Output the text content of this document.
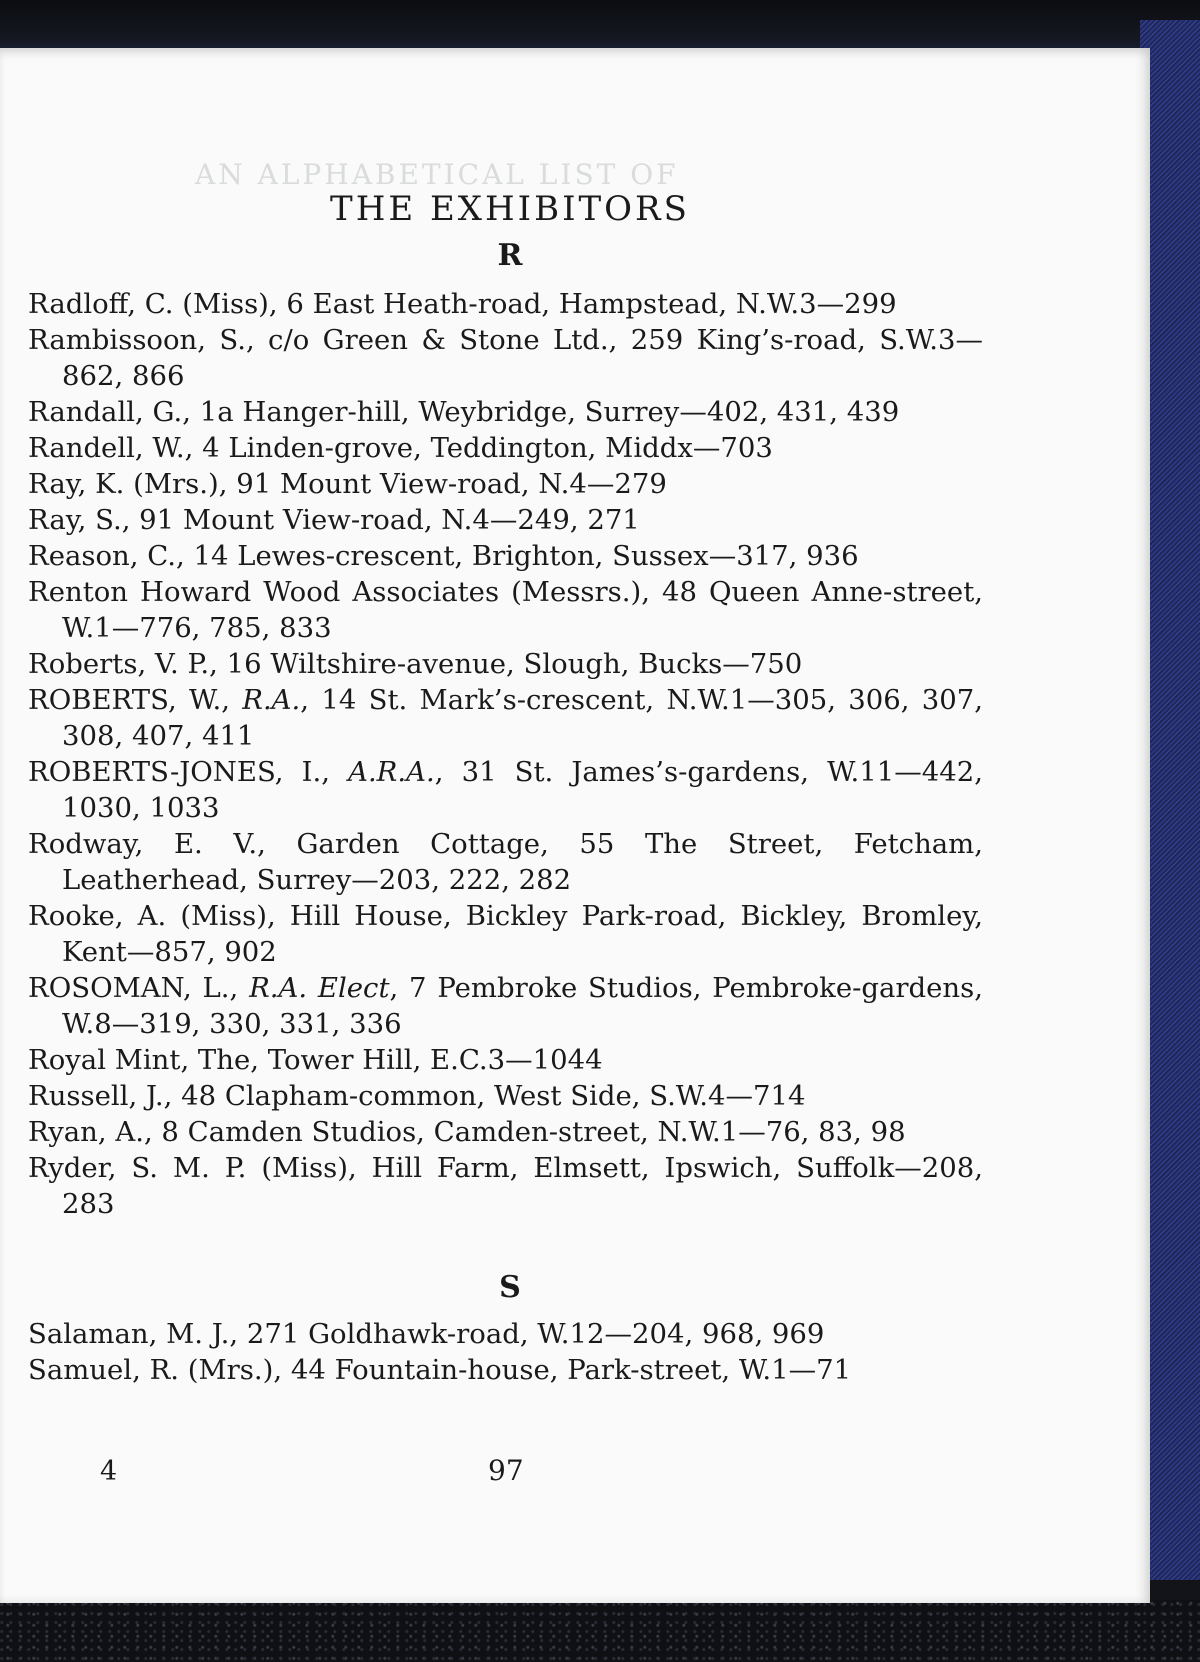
AN ALPHABETICAL LIST OF
THE EXHIBITORS
R
Radloff, C. (Miss), 6 East Heath-road, Hampstead, N.W.3—299
Rambissoon, S., c/o Green & Stone Ltd., 259 King’s-road, S.W.3—862, 866
Randall, G., 1a Hanger-hill, Weybridge, Surrey—402, 431, 439
Randell, W., 4 Linden-grove, Teddington, Middx—703
Ray, K. (Mrs.), 91 Mount View-road, N.4—279
Ray, S., 91 Mount View-road, N.4—249, 271
Reason, C., 14 Lewes-crescent, Brighton, Sussex—317, 936
Renton Howard Wood Associates (Messrs.), 48 Queen Anne-street, W.1—776, 785, 833
Roberts, V. P., 16 Wiltshire-avenue, Slough, Bucks—750
ROBERTS, W., R.A., 14 St. Mark’s-crescent, N.W.1—305, 306, 307, 308, 407, 411
ROBERTS-JONES, I., A.R.A., 31 St. James’s-gardens, W.11—442, 1030, 1033
Rodway, E. V., Garden Cottage, 55 The Street, Fetcham, Leatherhead, Surrey—203, 222, 282
Rooke, A. (Miss), Hill House, Bickley Park-road, Bickley, Bromley, Kent—857, 902
ROSOMAN, L., R.A. Elect, 7 Pembroke Studios, Pembroke-gardens, W.8—319, 330, 331, 336
Royal Mint, The, Tower Hill, E.C.3—1044
Russell, J., 48 Clapham-common, West Side, S.W.4—714
Ryan, A., 8 Camden Studios, Camden-street, N.W.1—76, 83, 98
Ryder, S. M. P. (Miss), Hill Farm, Elmsett, Ipswich, Suffolk—208, 283
S
Salaman, M. J., 271 Goldhawk-road, W.12—204, 968, 969
Samuel, R. (Mrs.), 44 Fountain-house, Park-street, W.1—71
4	97
